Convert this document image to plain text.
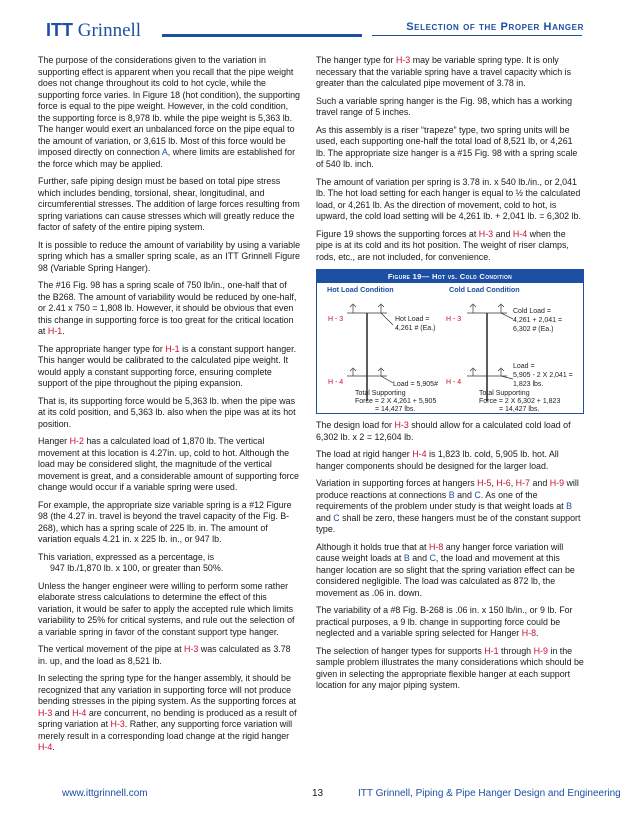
ITT Grinnell	Selection of the Proper Hanger

The purpose of the considerations given to the variation in supporting effect is apparent when you recall that the pipe weight does not change throughout its cold to hot cycle, while the supporting force varies. In Figure 18 (hot condition), the supporting force is equal to the pipe weight. However, in the cold condition, the supporting force is 8,978 lb. while the pipe weight is 5,363 lb. The hanger would exert an unbalanced force on the pipe equal to the amount of variation, or 3,615 lb. Most of this force would be imposed directly on connection A, where limits are established for the force which may be applied.

Further, safe piping design must be based on total pipe stress which includes bending, torsional, shear, longitudinal, and circumferential stresses. The addition of large forces resulting from spring variations can cause stresses which will greatly reduce the factor of safety of the entire piping system.

It is possible to reduce the amount of variability by using a variable spring which has a smaller spring scale, as an ITT Grinnell Figure 98 (Variable Spring Hanger).

The #16 Fig. 98 has a spring scale of 750 lb/in., one-half that of the B268. The amount of variability would be reduced by one-half, or 2.41 x 750 = 1,808 lb. However, it should be obvious that even this change in supporting force is too great for the critical location at H-1.

The appropriate hanger type for H-1 is a constant support hanger. This hanger would be calibrated to the calculated pipe weight. It would apply a constant supporting force, ensuring complete support of the pipe throughout the piping expansion.

That is, its supporting force would be 5,363 lb. when the pipe was at its cold position, and 5,363 lb. also when the pipe was at its hot position.

Hanger H-2 has a calculated load of 1,870 lb. The vertical movement at this location is 4.27in. up, cold to hot. Although the load may be considered slight, the magnitude of the vertical movement is great, and a considerable amount of supporting force change would occur if a variable spring were used.

For example, the appropriate size variable spring is a #12 Figure 98 (the 4.27 in. travel is beyond the travel capacity of the Fig. B-268), which has a spring scale of 225 lb. in. The amount of variation equals 4.21 in. x 225 lb. in., or 947 lb.

This variation, expressed as a percentage, is

947 lb./1,870 lb. x 100, or greater than 50%.

Unless the hanger engineer were willing to perform some rather elaborate stress calculations to determine the effect of this variation, it would be safer to apply the accepted rule which limits variability to 25% for critical systems, and rule out the selection of a variable spring in favor of the constant support type hanger.

The vertical movement of the pipe at H-3 was calculated as 3.78 in. up, and the load as 8,521 lb.

In selecting the spring type for the hanger assembly, it should be recognized that any variation in supporting force will not produce bending stresses in the piping system. As the supporting forces at H-3 and H-4 are concurrent, no bending is produced as a result of spring variation at H-3. Rather, any supporting force variation will merely result in a corresponding load change at the rigid hanger H-4.

The hanger type for H-3 may be variable spring type. It is only necessary that the variable spring have a travel capacity which is greater than the calculated pipe movement of 3.78 in.

Such a variable spring hanger is the Fig. 98, which has a working travel range of 5 inches.

As this assembly is a riser “trapeze” type, two spring units will be used, each supporting one-half the total load of 8,521 lb, or 4,261 lb. The appropriate size hanger is a #15 Fig. 98 with a spring scale of 540 lb. inch.

The amount of variation per spring is 3.78 in. x 540 lb./in., or 2,041 lb. The hot load setting for each hanger is equal to ½ the calculated load, or 4,261 lb. As the direction of movement, cold to hot, is upward, the cold load setting will be 4,261 lb. + 2,041 lb. = 6,302 lb.

Figure 19 shows the supporting forces at H-3 and H-4 when the pipe is at its cold and its hot position. The weight of riser clamps, rods, etc., are not included, for convenience.

Figure 19— Hot vs. Cold Condition
Hot Load Condition	Cold Load Condition
H - 3
H - 4
H - 3
H - 4
Hot Load =
4,261 # (Ea.)
Load = 5,905#
Cold Load =
4,261 + 2,041 =
6,302 # (Ea.)
Load =
5,905 - 2 X 2,041 =
1,823 lbs.
Total Supporting
Force = 2 X 4,261 + 5,905
= 14,427 lbs.
Total Supporting
Force = 2 X 6,302 + 1,823
= 14,427 lbs.

The design load for H-3 should allow for a calculated cold load of 6,302 lb. x 2 = 12,604 lb.

The load at rigid hanger H-4 is 1,823 lb. cold, 5,905 lb. hot. All hanger components should be designed for the larger load.

Variation in supporting forces at hangers H-5, H-6, H-7 and H-9 will produce reactions at connections B and C. As one of the requirements of the problem under study is that weight loads at B and C shall be zero, these hangers must be of the constant support type.

Although it holds true that at H-8 any hanger force variation will cause weight loads at B and C, the load and movement at this hanger location are so slight that the spring variation effect can be considered negligible. The load was calculated as 872 lb, the movement as .06 in. down.

The variability of a #8 Fig. B-268 is .06 in. x 150 lb/in., or 9 lb. For practical purposes, a 9 lb. change in supporting force could be neglected and a variable spring selected for Hanger H-8.

The selection of hanger types for supports H-1 through H-9 in the sample problem illustrates the many considerations which should be given in selecting the appropriate flexible hanger at each support location for any major piping system.

www.ittgrinnell.com	13	ITT Grinnell, Piping & Pipe Hanger Design and Engineering
